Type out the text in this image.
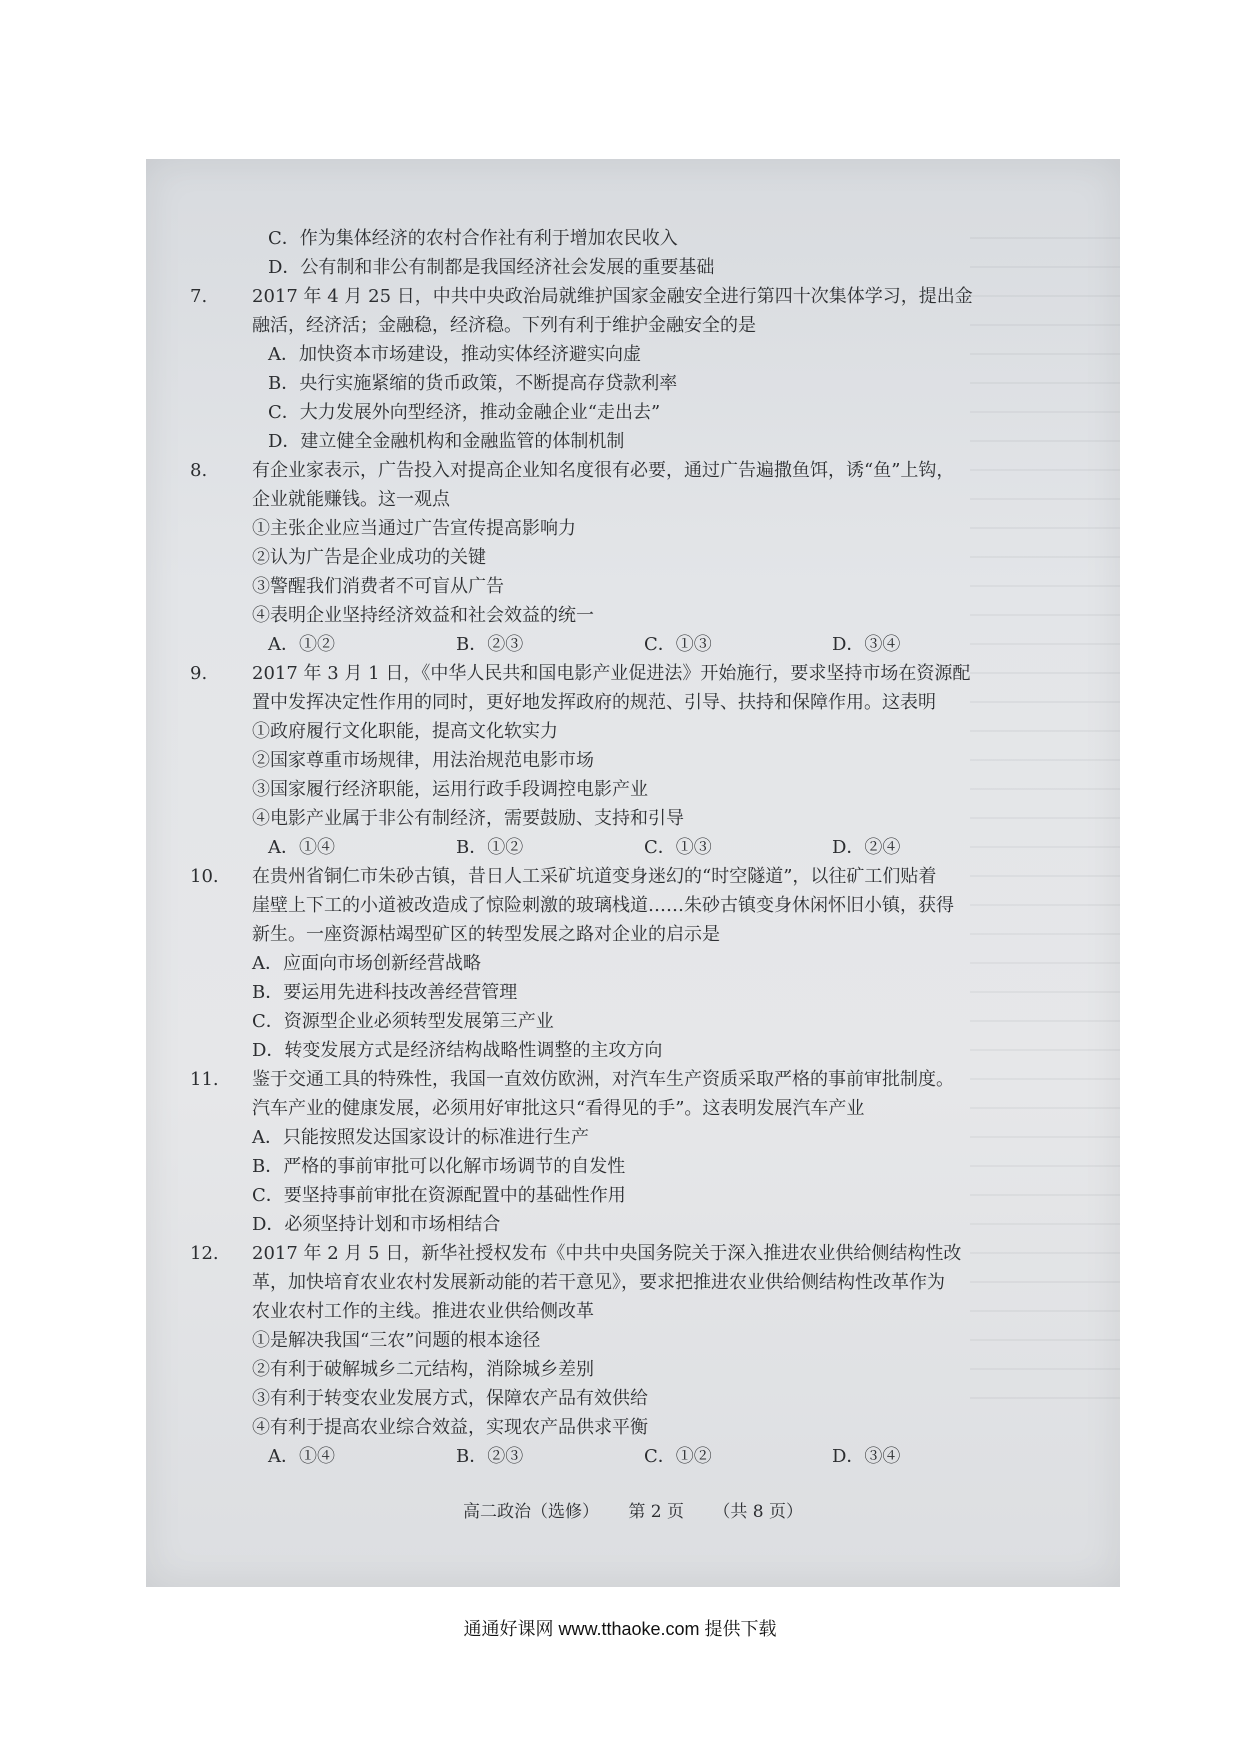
C．作为集体经济的农村合作社有利于增加农民收入
D．公有制和非公有制都是我国经济社会发展的重要基础
7.	2017 年 4 月 25 日，中共中央政治局就维护国家金融安全进行第四十次集体学习，提出金
融活，经济活；金融稳，经济稳。下列有利于维护金融安全的是
A．加快资本市场建设，推动实体经济避实向虚
B．央行实施紧缩的货币政策，不断提高存贷款利率
C．大力发展外向型经济，推动金融企业“走出去”
D．建立健全金融机构和金融监管的体制机制
8.	有企业家表示，广告投入对提高企业知名度很有必要，通过广告遍撒鱼饵，诱“鱼”上钩，
企业就能赚钱。这一观点
①主张企业应当通过广告宣传提高影响力
②认为广告是企业成功的关键
③警醒我们消费者不可盲从广告
④表明企业坚持经济效益和社会效益的统一
A．①②	B．②③	C．①③	D．③④
9.	2017 年 3 月 1 日，《中华人民共和国电影产业促进法》开始施行，要求坚持市场在资源配
置中发挥决定性作用的同时，更好地发挥政府的规范、引导、扶持和保障作用。这表明
①政府履行文化职能，提高文化软实力
②国家尊重市场规律，用法治规范电影市场
③国家履行经济职能，运用行政手段调控电影产业
④电影产业属于非公有制经济，需要鼓励、支持和引导
A．①④	B．①②	C．①③	D．②④
10.	在贵州省铜仁市朱砂古镇，昔日人工采矿坑道变身迷幻的“时空隧道”，以往矿工们贴着
崖壁上下工的小道被改造成了惊险刺激的玻璃栈道……朱砂古镇变身休闲怀旧小镇，获得
新生。一座资源枯竭型矿区的转型发展之路对企业的启示是
A．应面向市场创新经营战略
B．要运用先进科技改善经营管理
C．资源型企业必须转型发展第三产业
D．转变发展方式是经济结构战略性调整的主攻方向
11.	鉴于交通工具的特殊性，我国一直效仿欧洲，对汽车生产资质采取严格的事前审批制度。
汽车产业的健康发展，必须用好审批这只“看得见的手”。这表明发展汽车产业
A．只能按照发达国家设计的标准进行生产
B．严格的事前审批可以化解市场调节的自发性
C．要坚持事前审批在资源配置中的基础性作用
D．必须坚持计划和市场相结合
12.	2017 年 2 月 5 日，新华社授权发布《中共中央国务院关于深入推进农业供给侧结构性改
革，加快培育农业农村发展新动能的若干意见》，要求把推进农业供给侧结构性改革作为
农业农村工作的主线。推进农业供给侧改革
①是解决我国“三农”问题的根本途径
②有利于破解城乡二元结构，消除城乡差别
③有利于转变农业发展方式，保障农产品有效供给
④有利于提高农业综合效益，实现农产品供求平衡
A．①④	B．②③	C．①②	D．③④
高二政治（选修） 第 2 页 （共 8 页）
通通好课网 www.tthaoke.com 提供下载
